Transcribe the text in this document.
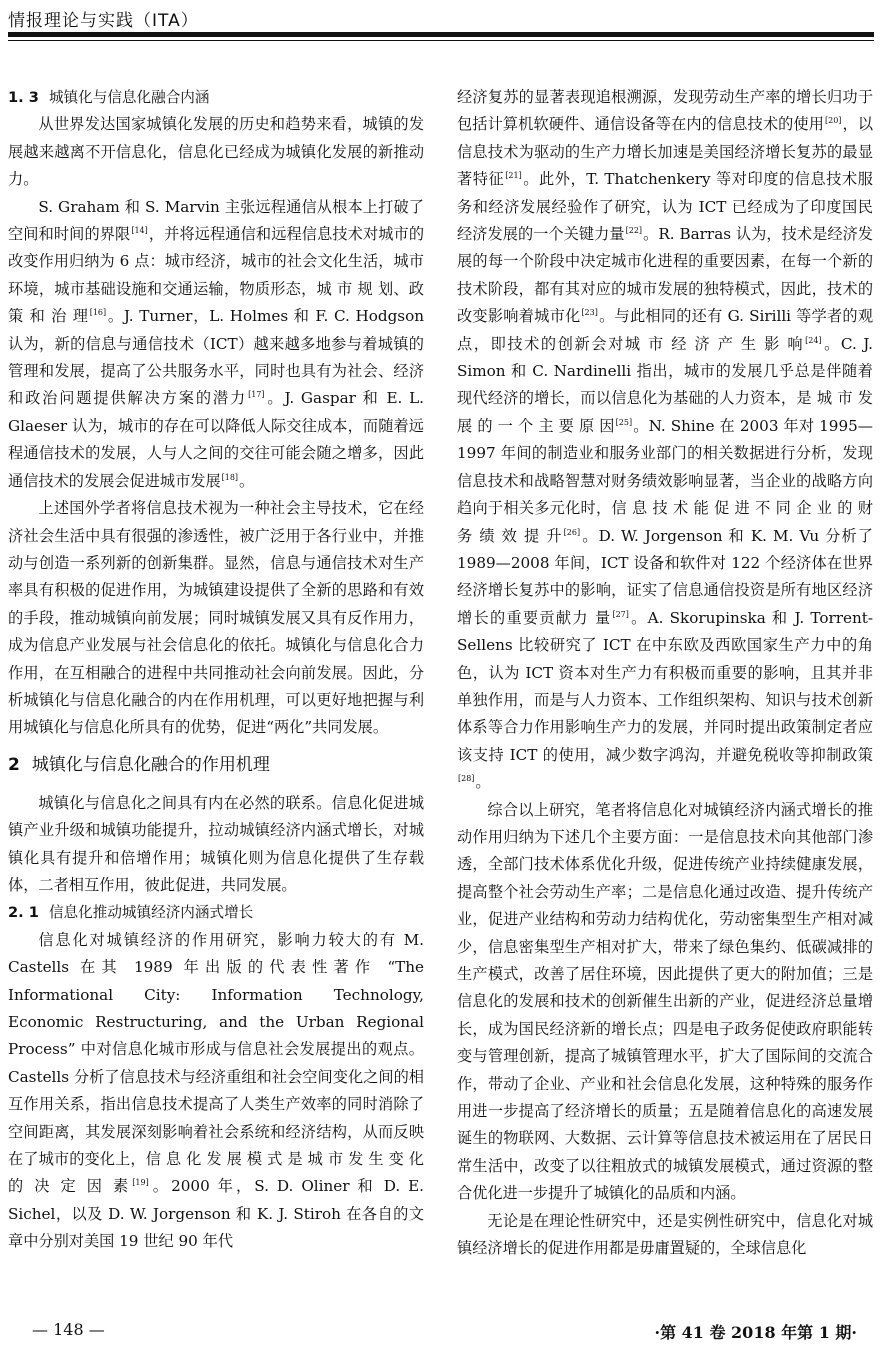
情报理论与实践（ITA）
1. 3 城镇化与信息化融合内涵

从世界发达国家城镇化发展的历史和趋势来看，城镇的发展越来越离不开信息化，信息化已经成为城镇化发展的新推动力。

S. Graham 和 S. Marvin 主张远程通信从根本上打破了空间和时间的界限[14]，并将远程通信和远程信息技术对城市的改变作用归纳为 6 点：城市经济，城市的社会文化生活，城市环境，城市基础设施和交通运输，物质形态，城 市 规 划、政 策 和 治 理[16]。J. Turner，L. Holmes 和 F. C. Hodgson 认为，新的信息与通信技术（ICT）越来越多地参与着城镇的管理和发展，提高了公共服务水平，同时也具有为社会、经济和政治问题提供解决方案的潜力[17]。J. Gaspar 和 E. L. Glaeser 认为，城市的存在可以降低人际交往成本，而随着远程通信技术的发展，人与人之间的交往可能会随之增多，因此通信技术的发展会促进城市发展[18]。

上述国外学者将信息技术视为一种社会主导技术，它在经济社会生活中具有很强的渗透性，被广泛用于各行业中，并推动与创造一系列新的创新集群。显然，信息与通信技术对生产率具有积极的促进作用，为城镇建设提供了全新的思路和有效的手段，推动城镇向前发展；同时城镇发展又具有反作用力，成为信息产业发展与社会信息化的依托。城镇化与信息化合力作用，在互相融合的进程中共同推动社会向前发展。因此，分析城镇化与信息化融合的内在作用机理，可以更好地把握与利用城镇化与信息化所具有的优势，促进“两化”共同发展。

2 城镇化与信息化融合的作用机理

城镇化与信息化之间具有内在必然的联系。信息化促进城镇产业升级和城镇功能提升，拉动城镇经济内涵式增长，对城镇化具有提升和倍增作用；城镇化则为信息化提供了生存载体，二者相互作用，彼此促进，共同发展。

2. 1 信息化推动城镇经济内涵式增长

信息化对城镇经济的作用研究，影响力较大的有 M. Castells 在其 1989 年出版的代表性著作 “The Informational City: Information Technology, Economic Restructuring, and the Urban Regional Process” 中对信息化城市形成与信息社会发展提出的观点。Castells 分析了信息技术与经济重组和社会空间变化之间的相互作用关系，指出信息技术提高了人类生产效率的同时消除了空间距离，其发展深刻影响着社会系统和经济结构，从而反映在了城市的变化上，信 息 化 发 展 模 式 是 城 市 发 生 变 化 的 决 定 因 素[19]。2000 年，S. D. Oliner 和 D. E. Sichel，以及 D. W. Jorgenson 和 K. J. Stiroh 在各自的文章中分别对美国 19 世纪 90 年代

经济复苏的显著表现追根溯源，发现劳动生产率的增长归功于包括计算机软硬件、通信设备等在内的信息技术的使用[20]，以信息技术为驱动的生产力增长加速是美国经济增长复苏的最显著特征[21]。此外，T. Thatchenkery 等对印度的信息技术服务和经济发展经验作了研究，认为 ICT 已经成为了印度国民经济发展的一个关键力量[22]。R. Barras 认为，技术是经济发展的每一个阶段中决定城市化进程的重要因素，在每一个新的技术阶段，都有其对应的城市发展的独特模式，因此，技术的改变影响着城市化[23]。与此相同的还有 G. Sirilli 等学者的观点，即技术的创新会对城 市 经 济 产 生 影 响[24]。C. J. Simon 和 C. Nardinelli 指出，城市的发展几乎总是伴随着现代经济的增长，而以信息化为基础的人力资本，是 城 市 发 展 的 一 个 主 要 原 因[25]。N. Shine 在 2003 年对 1995—1997 年间的制造业和服务业部门的相关数据进行分析，发现信息技术和战略智慧对财务绩效影响显著，当企业的战略方向趋向于相关多元化时，信 息 技 术 能 促 进 不 同 企 业 的 财 务 绩 效 提 升[26]。D. W. Jorgenson 和 K. M. Vu 分析了 1989—2008 年间，ICT 设备和软件对 122 个经济体在世界经济增长复苏中的影响，证实了信息通信投资是所有地区经济增长的重要贡献力 量[27]。A. Skorupinska 和 J. Torrent-Sellens 比较研究了 ICT 在中东欧及西欧国家生产力中的角色，认为 ICT 资本对生产力有积极而重要的影响，且其并非单独作用，而是与人力资本、工作组织架构、知识与技术创新体系等合力作用影响生产力的发展，并同时提出政策制定者应该支持 ICT 的使用，减少数字鸿沟，并避免税收等抑制政策[28]。

综合以上研究，笔者将信息化对城镇经济内涵式增长的推动作用归纳为下述几个主要方面：一是信息技术向其他部门渗透，全部门技术体系优化升级，促进传统产业持续健康发展，提高整个社会劳动生产率；二是信息化通过改造、提升传统产业，促进产业结构和劳动力结构优化，劳动密集型生产相对减少，信息密集型生产相对扩大，带来了绿色集约、低碳减排的生产模式，改善了居住环境，因此提供了更大的附加值；三是信息化的发展和技术的创新催生出新的产业，促进经济总量增长，成为国民经济新的增长点；四是电子政务促使政府职能转变与管理创新，提高了城镇管理水平，扩大了国际间的交流合作，带动了企业、产业和社会信息化发展，这种特殊的服务作用进一步提高了经济增长的质量；五是随着信息化的高速发展诞生的物联网、大数据、云计算等信息技术被运用在了居民日常生活中，改变了以往粗放式的城镇发展模式，通过资源的整合优化进一步提升了城镇化的品质和内涵。

无论是在理论性研究中，还是实例性研究中，信息化对城镇经济增长的促进作用都是毋庸置疑的，全球信息化

— 148 —	·第 41 卷 2018 年第 1 期·
